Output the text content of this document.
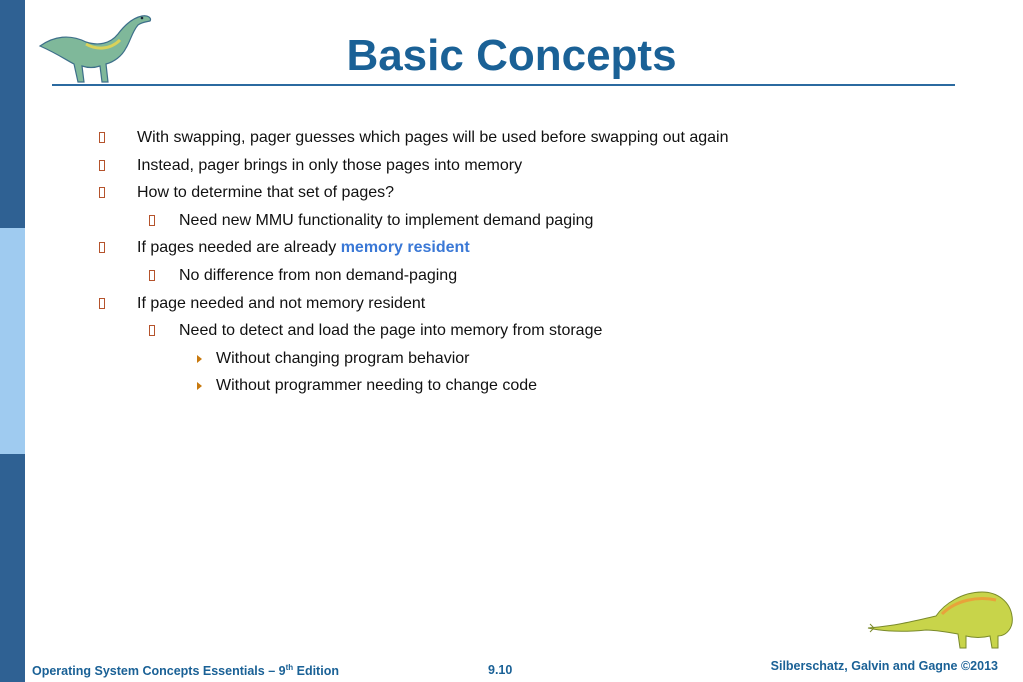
Basic Concepts
With swapping, pager guesses which pages will be used before swapping out again
Instead, pager brings in only those pages into memory
How to determine that set of pages?
Need new MMU functionality to implement demand paging
If pages needed are already memory resident
No difference from non demand-paging
If page needed and not memory resident
Need to detect and load the page into memory from storage
Without changing program behavior
Without programmer needing to change code
Operating System Concepts Essentials – 9th Edition	9.10	Silberschatz, Galvin and Gagne ©2013
